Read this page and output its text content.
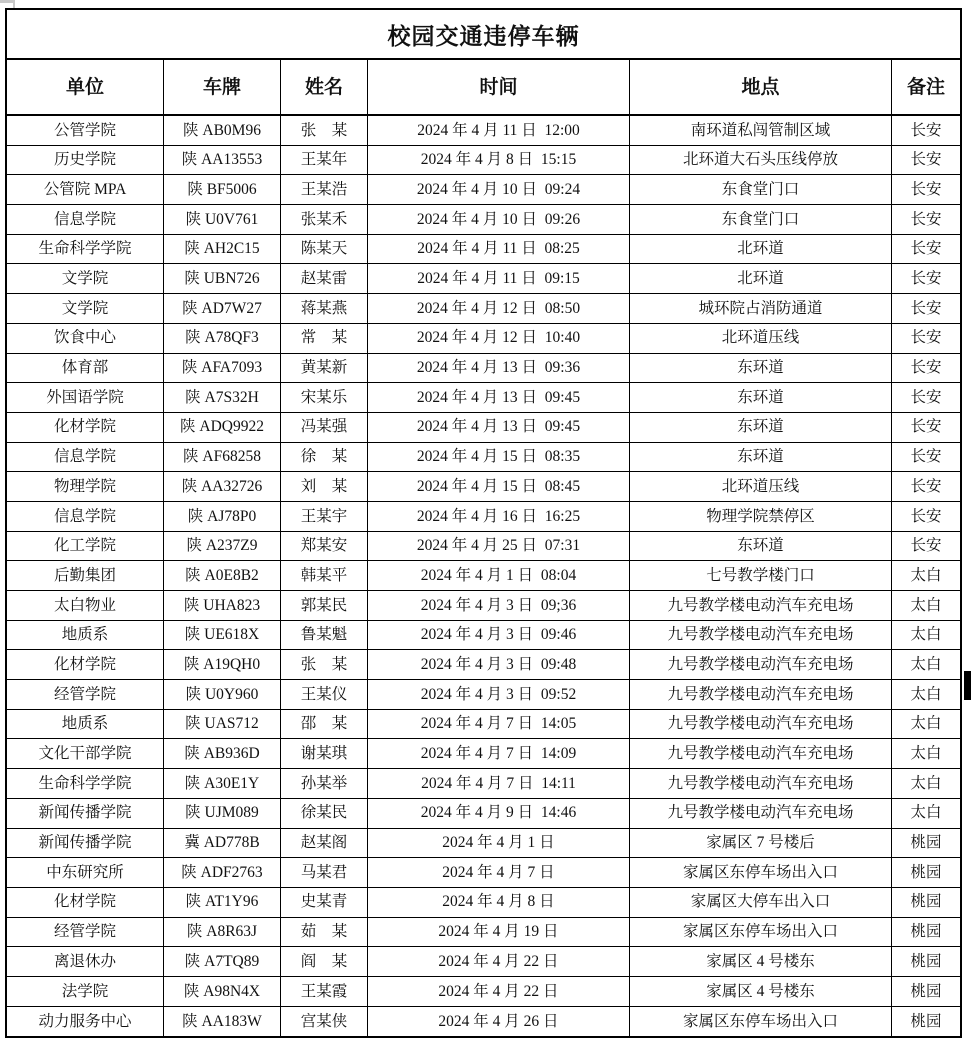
校园交通违停车辆
单位	车牌	姓名	时间	地点	备注
公管学院	陕 AB0M96	张　某	2024 年 4 月 11 日  12:00	南环道私闯管制区域	长安
历史学院	陕 AA13553	王某年	2024 年 4 月 8 日  15:15	北环道大石头压线停放	长安
公管院 MPA	陕 BF5006	王某浩	2024 年 4 月 10 日  09:24	东食堂门口	长安
信息学院	陕 U0V761	张某禾	2024 年 4 月 10 日  09:26	东食堂门口	长安
生命科学学院	陕 AH2C15	陈某天	2024 年 4 月 11 日  08:25	北环道	长安
文学院	陕 UBN726	赵某雷	2024 年 4 月 11 日  09:15	北环道	长安
文学院	陕 AD7W27	蒋某燕	2024 年 4 月 12 日  08:50	城环院占消防通道	长安
饮食中心	陕 A78QF3	常　某	2024 年 4 月 12 日  10:40	北环道压线	长安
体育部	陕 AFA7093	黄某新	2024 年 4 月 13 日  09:36	东环道	长安
外国语学院	陕 A7S32H	宋某乐	2024 年 4 月 13 日  09:45	东环道	长安
化材学院	陕 ADQ9922	冯某强	2024 年 4 月 13 日  09:45	东环道	长安
信息学院	陕 AF68258	徐　某	2024 年 4 月 15 日  08:35	东环道	长安
物理学院	陕 AA32726	刘　某	2024 年 4 月 15 日  08:45	北环道压线	长安
信息学院	陕 AJ78P0	王某宇	2024 年 4 月 16 日  16:25	物理学院禁停区	长安
化工学院	陕 A237Z9	郑某安	2024 年 4 月 25 日  07:31	东环道	长安
后勤集团	陕 A0E8B2	韩某平	2024 年 4 月 1 日  08:04	七号教学楼门口	太白
太白物业	陕 UHA823	郭某民	2024 年 4 月 3 日  09;36	九号教学楼电动汽车充电场	太白
地质系	陕 UE618X	鲁某魁	2024 年 4 月 3 日  09:46	九号教学楼电动汽车充电场	太白
化材学院	陕 A19QH0	张　某	2024 年 4 月 3 日  09:48	九号教学楼电动汽车充电场	太白
经管学院	陕 U0Y960	王某仪	2024 年 4 月 3 日  09:52	九号教学楼电动汽车充电场	太白
地质系	陕 UAS712	邵　某	2024 年 4 月 7 日  14:05	九号教学楼电动汽车充电场	太白
文化干部学院	陕 AB936D	谢某琪	2024 年 4 月 7 日  14:09	九号教学楼电动汽车充电场	太白
生命科学学院	陕 A30E1Y	孙某举	2024 年 4 月 7 日  14:11	九号教学楼电动汽车充电场	太白
新闻传播学院	陕 UJM089	徐某民	2024 年 4 月 9 日  14:46	九号教学楼电动汽车充电场	太白
新闻传播学院	冀 AD778B	赵某阁	2024 年 4 月 1 日	家属区 7 号楼后	桃园
中东研究所	陕 ADF2763	马某君	2024 年 4 月 7 日	家属区东停车场出入口	桃园
化材学院	陕 AT1Y96	史某青	2024 年 4 月 8 日	家属区大停车出入口	桃园
经管学院	陕 A8R63J	茹　某	2024 年 4 月 19 日	家属区东停车场出入口	桃园
离退休办	陕 A7TQ89	阎　某	2024 年 4 月 22 日	家属区 4 号楼东	桃园
法学院	陕 A98N4X	王某霞	2024 年 4 月 22 日	家属区 4 号楼东	桃园
动力服务中心	陕 AA183W	宫某侠	2024 年 4 月 26 日	家属区东停车场出入口	桃园
